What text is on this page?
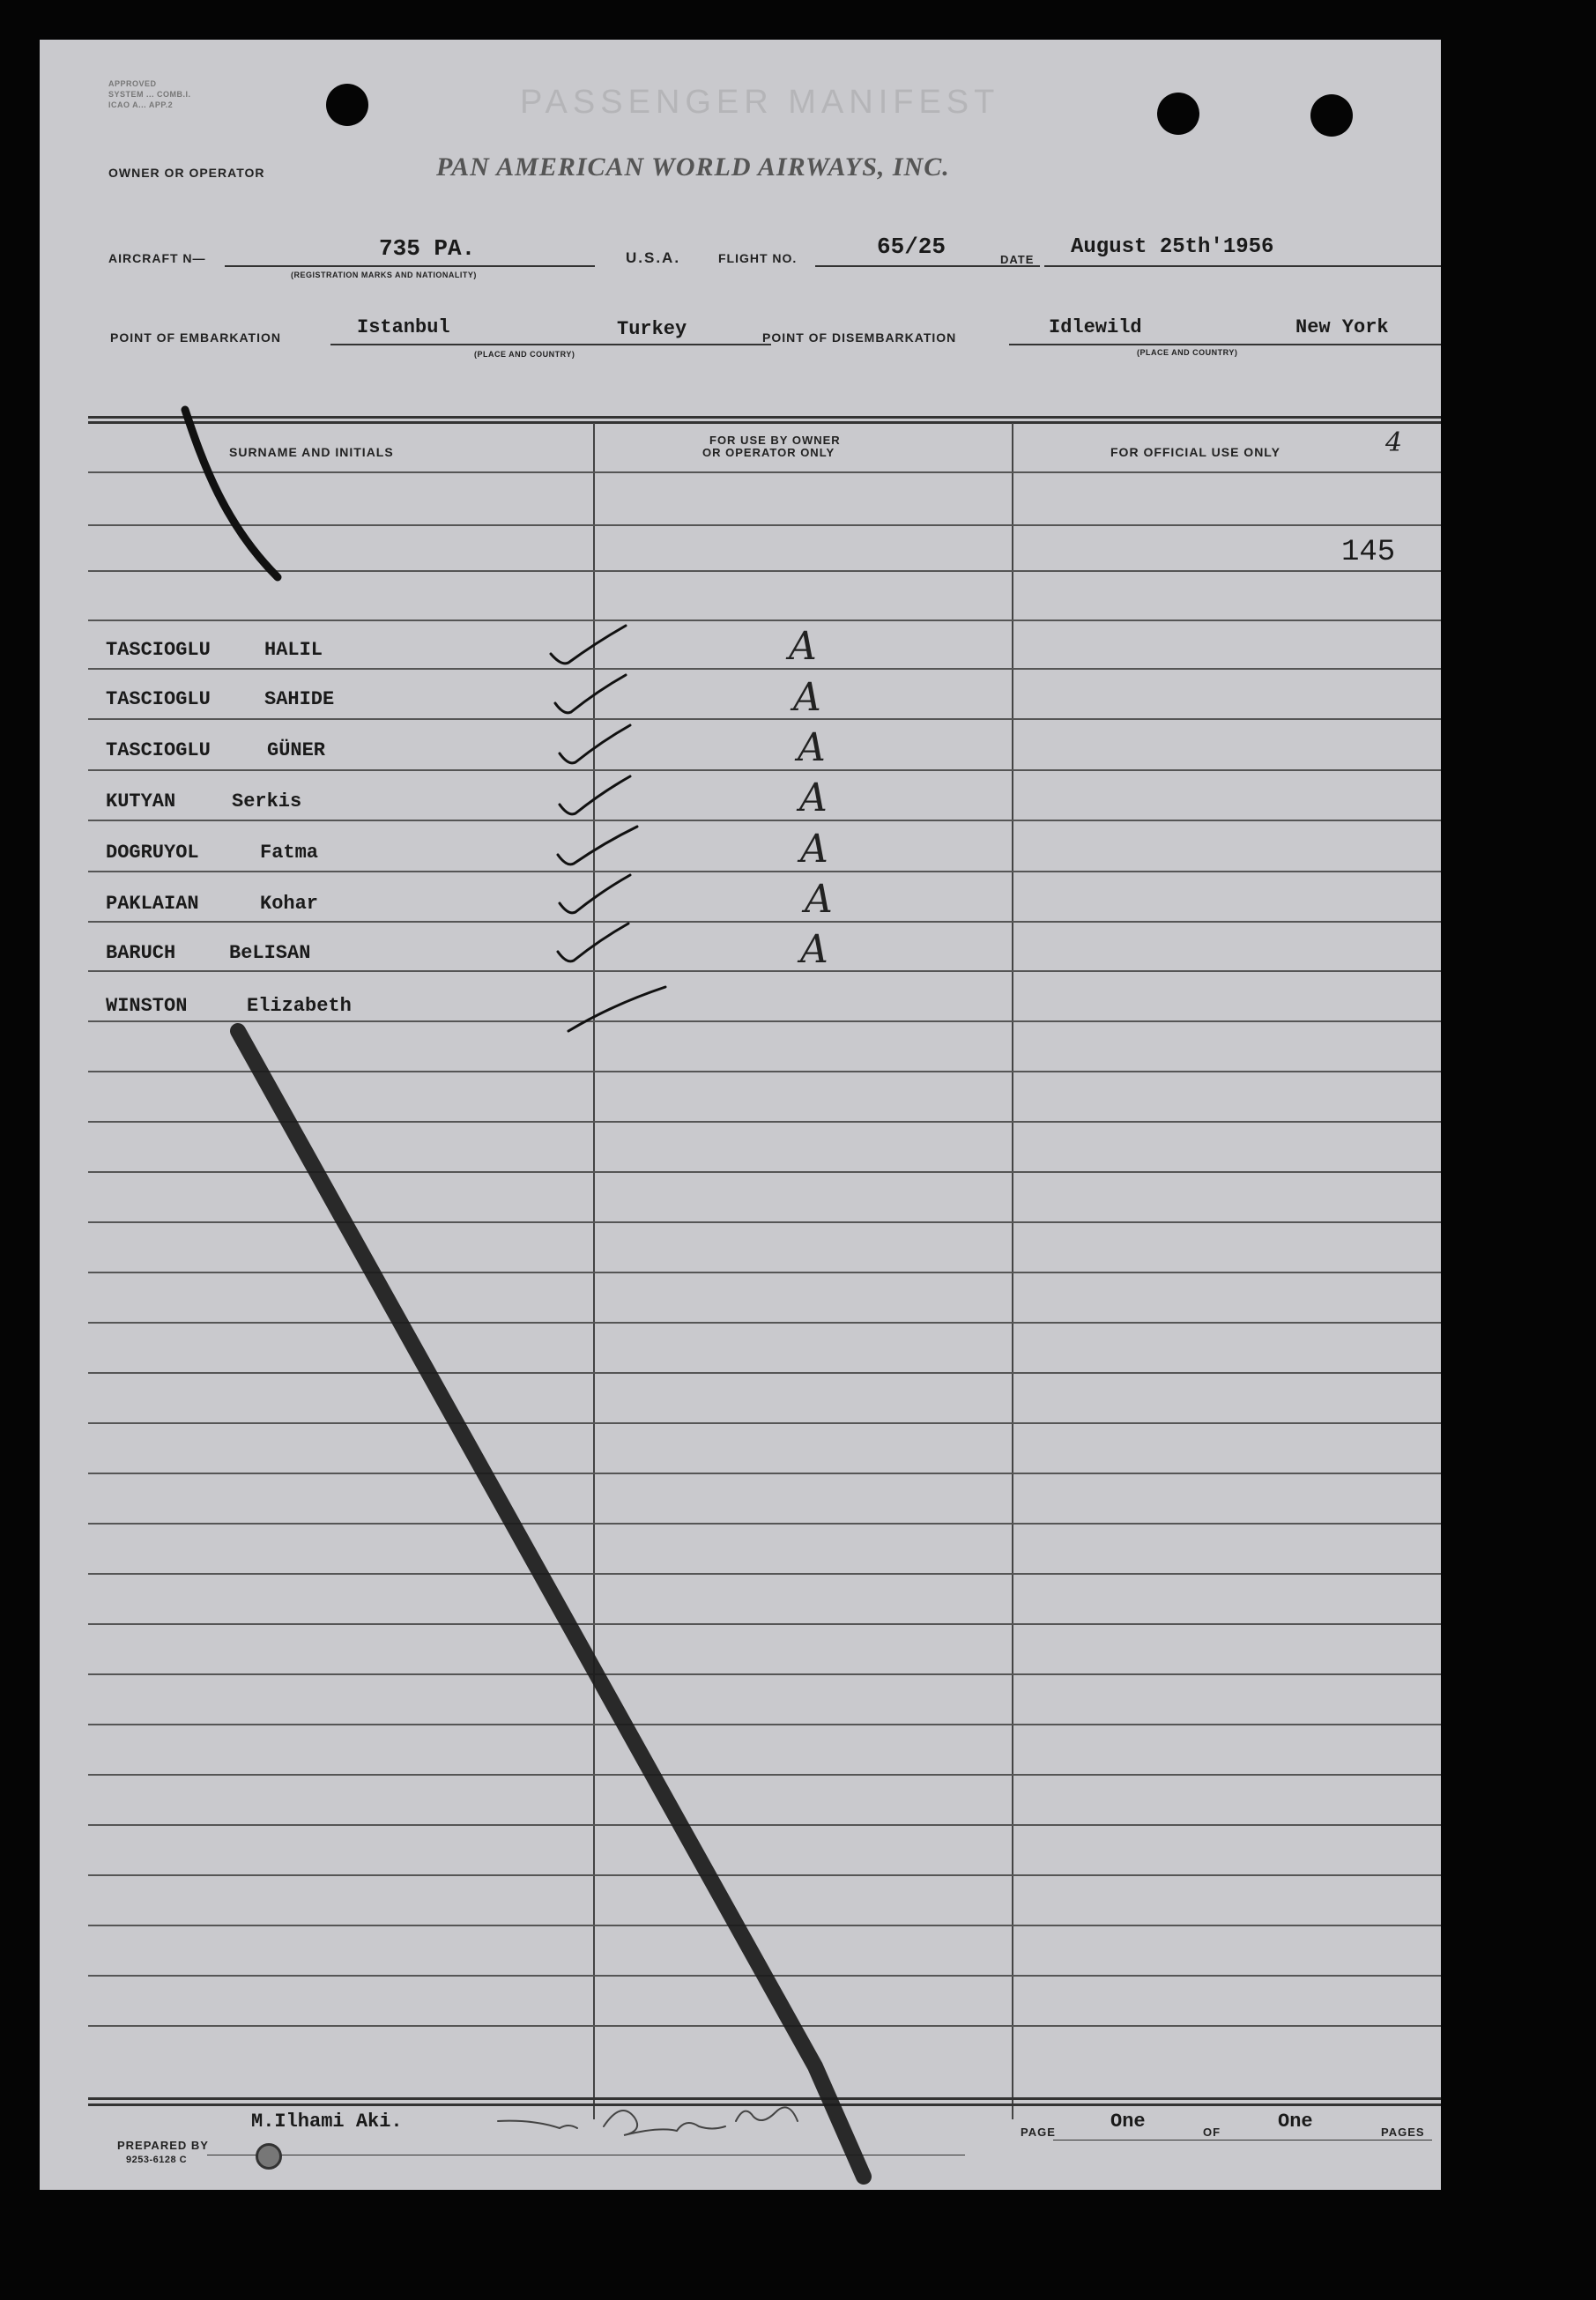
APPROVED
SYSTEM ... COMB.I.
ICAO A... APP.2	PASSENGER MANIFEST
OWNER OR OPERATOR	PAN AMERICAN WORLD AIRWAYS, INC.
AIRCRAFT N—	735 PA.
(REGISTRATION MARKS AND NATIONALITY)
U.S.A.	FLIGHT NO.	65/25	DATE
August 25th'1956
POINT OF EMBARKATION	Istanbul	Turkey
(PLACE AND COUNTRY)
POINT OF DISEMBARKATION	Idlewild	New York
(PLACE AND COUNTRY)
SURNAME AND INITIALS
FOR USE BY OWNER
OR OPERATOR ONLY	FOR OFFICIAL USE ONLY	4
145
TASCIOGLU	HALIL	A
TASCIOGLU	SAHIDE	A
TASCIOGLU	GÜNER	A
KUTYAN	Serkis	A
DOGRUYOL	Fatma	A
PAKLAIAN	Kohar	A
BARUCH	BeLISAN	A
WINSTON	Elizabeth
PREPARED BY
M.Ilhami Aki.
9253-6128 C
PAGE	One	OF	One	PAGES
